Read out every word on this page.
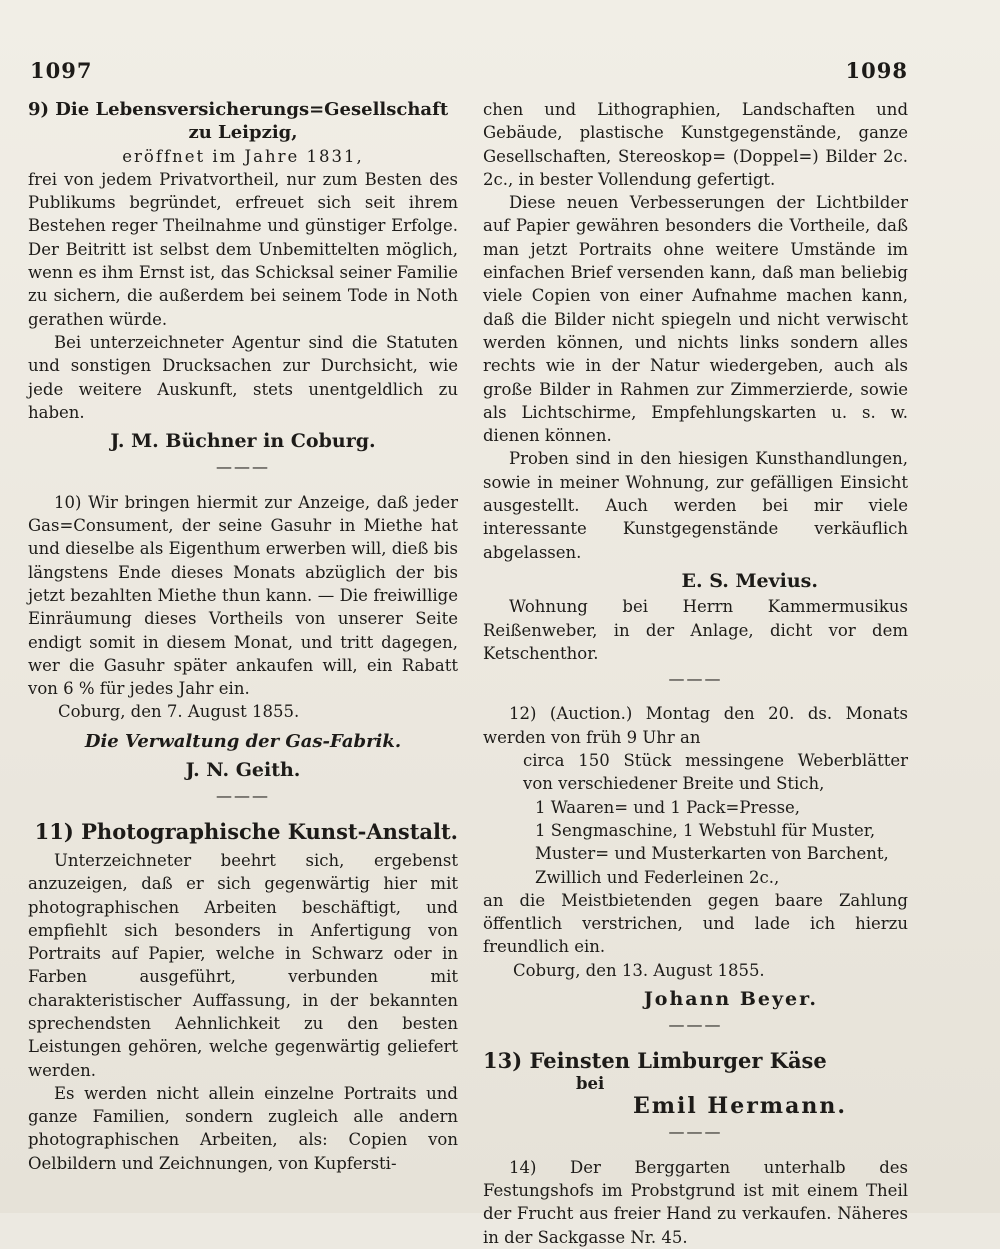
1097	1098

9) Die Lebensversicherungs=Gesellschaft

zu Leipzig,

eröffnet im Jahre 1831,

frei von jedem Privatvortheil, nur zum Besten des Publikums begründet, erfreuet sich seit ihrem Bestehen reger Theilnahme und günstiger Erfolge. Der Beitritt ist selbst dem Unbemittelten möglich, wenn es ihm Ernst ist, das Schicksal seiner Familie zu sichern, die außerdem bei seinem Tode in Noth gerathen würde.

Bei unterzeichneter Agentur sind die Statuten und sonstigen Drucksachen zur Durchsicht, wie jede weitere Auskunft, stets unentgeldlich zu haben.

J. M. Büchner in Coburg.

———

10) Wir bringen hiermit zur Anzeige, daß jeder Gas=Consument, der seine Gasuhr in Miethe hat und dieselbe als Eigenthum erwerben will, dieß bis längstens Ende dieses Monats abzüglich der bis jetzt bezahlten Miethe thun kann. — Die freiwillige Einräumung dieses Vortheils von unserer Seite endigt somit in diesem Monat, und tritt dagegen, wer die Gasuhr später ankaufen will, ein Rabatt von 6 % für jedes Jahr ein.

Coburg, den 7. August 1855.

Die Verwaltung der Gas-Fabrik.

J. N. Geith.

———

11) Photographische Kunst-Anstalt.

Unterzeichneter beehrt sich, ergebenst anzuzeigen, daß er sich gegenwärtig hier mit photographischen Arbeiten beschäftigt, und empfiehlt sich besonders in Anfertigung von Portraits auf Papier, welche in Schwarz oder in Farben ausgeführt, verbunden mit charakteristischer Auffassung, in der bekannten sprechendsten Aehnlichkeit zu den besten Leistungen gehören, welche gegenwärtig geliefert werden.

Es werden nicht allein einzelne Portraits und ganze Familien, sondern zugleich alle andern photographischen Arbeiten, als: Copien von Oelbildern und Zeichnungen, von Kupfersti-

chen und Lithographien, Landschaften und Gebäude, plastische Kunstgegenstände, ganze Gesellschaften, Stereoskop= (Doppel=) Bilder 2c. 2c., in bester Vollendung gefertigt.

Diese neuen Verbesserungen der Lichtbilder auf Papier gewähren besonders die Vortheile, daß man jetzt Portraits ohne weitere Umstände im einfachen Brief versenden kann, daß man beliebig viele Copien von einer Aufnahme machen kann, daß die Bilder nicht spiegeln und nicht verwischt werden können, und nichts links sondern alles rechts wie in der Natur wiedergeben, auch als große Bilder in Rahmen zur Zimmerzierde, sowie als Lichtschirme, Empfehlungskarten u. s. w. dienen können.

Proben sind in den hiesigen Kunsthandlungen, sowie in meiner Wohnung, zur gefälligen Einsicht ausgestellt. Auch werden bei mir viele interessante Kunstgegenstände verkäuflich abgelassen.

E. S. Mevius.

Wohnung bei Herrn Kammermusikus Reißenweber, in der Anlage, dicht vor dem Ketschenthor.

———

12) (Auction.) Montag den 20. ds. Monats werden von früh 9 Uhr an

circa 150 Stück messingene Weberblätter von verschiedener Breite und Stich,

1 Waaren= und 1 Pack=Presse,

1 Sengmaschine, 1 Webstuhl für Muster, Muster= und Musterkarten von Barchent, Zwillich und Federleinen 2c.,

an die Meistbietenden gegen baare Zahlung öffentlich verstrichen, und lade ich hierzu freundlich ein.

Coburg, den 13. August 1855.

Johann Beyer.

———

13) Feinsten Limburger Käse

bei

Emil Hermann.

———

14) Der Berggarten unterhalb des Festungshofs im Probstgrund ist mit einem Theil der Frucht aus freier Hand zu verkaufen. Näheres in der Sackgasse Nr. 45.
